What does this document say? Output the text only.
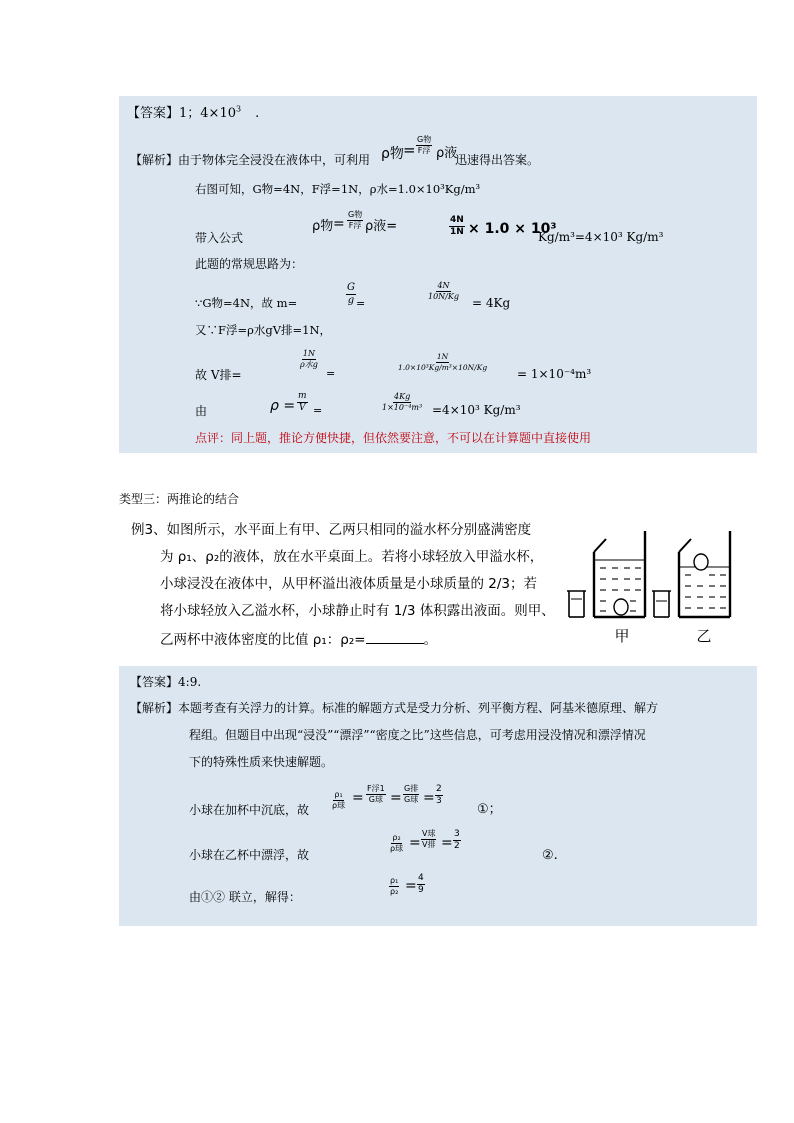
【答案】1；$4\times 10^3$ .
【解析】由于物体完全浸没在液体中，可利用 ρ物 =
G物
F浮 ρ液
迅速得出答案。
右图可知，G物=4N，F浮=1N，ρ水=1.0×10³Kg/m³
带入公式
ρ物 =
G物
F浮 ρ液=	$\frac{4N}{1N} \times 1.0 \times 10^3$
Kg/m³=4×10³ Kg/m³
此题的常规思路为：
∵G物=4N，故 m=	$\frac{G}{g}$ =
$\frac{4N}{10N/Kg}$
= 4Kg
又∵F浮=ρ水gV排=1N，
故 V排=
1N
ρ水g
=
$\frac{1N}{\text{1.0×10³Kg/m³×10N/Kg}}$
= 1×10⁻⁴m³
由	$\rho = \frac{m}{V}$ =	$\frac{4Kg}{\text{1×10⁻⁴m³}} =4\times 10^3$ Kg/m³
点评：同上题，推论方便快捷，但依然要注意，不可以在计算题中直接使用
类型三：两推论的结合
例3、如图所示，水平面上有甲、乙两只相同的溢水杯分别盛满密度
为 ρ₁、ρ₂的液体，放在水平桌面上。若将小球轻放入甲溢水杯，
小球浸没在液体中，从甲杯溢出液体质量是小球质量的 2/3；若
将小球轻放入乙溢水杯，小球静止时有 1/3 体积露出液面。则甲、
乙两杯中液体密度的比值 ρ₁：ρ₂=	。	甲	乙
【答案】4:9.
【解析】本题考查有关浮力的计算。标准的解题方式是受力分析、列平衡方程、阿基米德原理、解方
程组。但题目中出现“浸没”“漂浮”“密度之比”这些信息，可考虑用浸没情况和漂浮情况
下的特殊性质来快速解题。
小球在加杯中沉底，故
ρ₁
ρ球 =
F浮1
G球 =
G排
G球 = $\frac{2}{3}$
①；
小球在乙杯中漂浮，故
ρ₂
ρ球 =
V球
V排 = $\frac{3}{2}$
②.
由①② 联立，解得：
$\frac{\text{ρ₁}}{\text{ρ₂}} = \frac{4}{9}$
